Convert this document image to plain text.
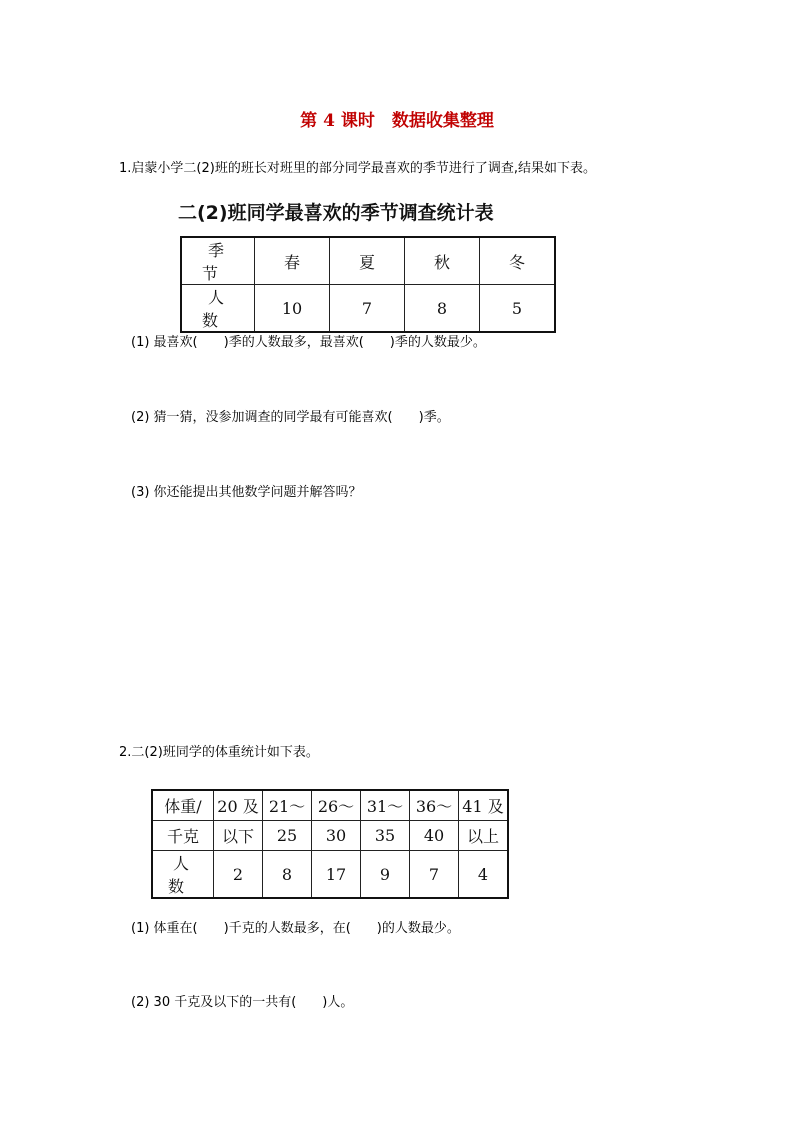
第 4 课时　数据收集整理
1.启蒙小学二(2)班的班长对班里的部分同学最喜欢的季节进行了调查,结果如下表。
二(2)班同学最喜欢的季节调查统计表
季节	春	夏	秋	冬
人数	10	7	8	5
(1) 最喜欢(　　)季的人数最多，最喜欢(　　)季的人数最少。
(2) 猜一猜，没参加调查的同学最有可能喜欢(　　)季。
(3) 你还能提出其他数学问题并解答吗？
2.二(2)班同学的体重统计如下表。
体重/	20 及	21～	26～	31～	36～	41 及
千克	以下	25	30	35	40	以上
人数	2	8	17	9	7	4
(1) 体重在(　　)千克的人数最多，在(　　)的人数最少。
(2) 30 千克及以下的一共有(　　)人。
